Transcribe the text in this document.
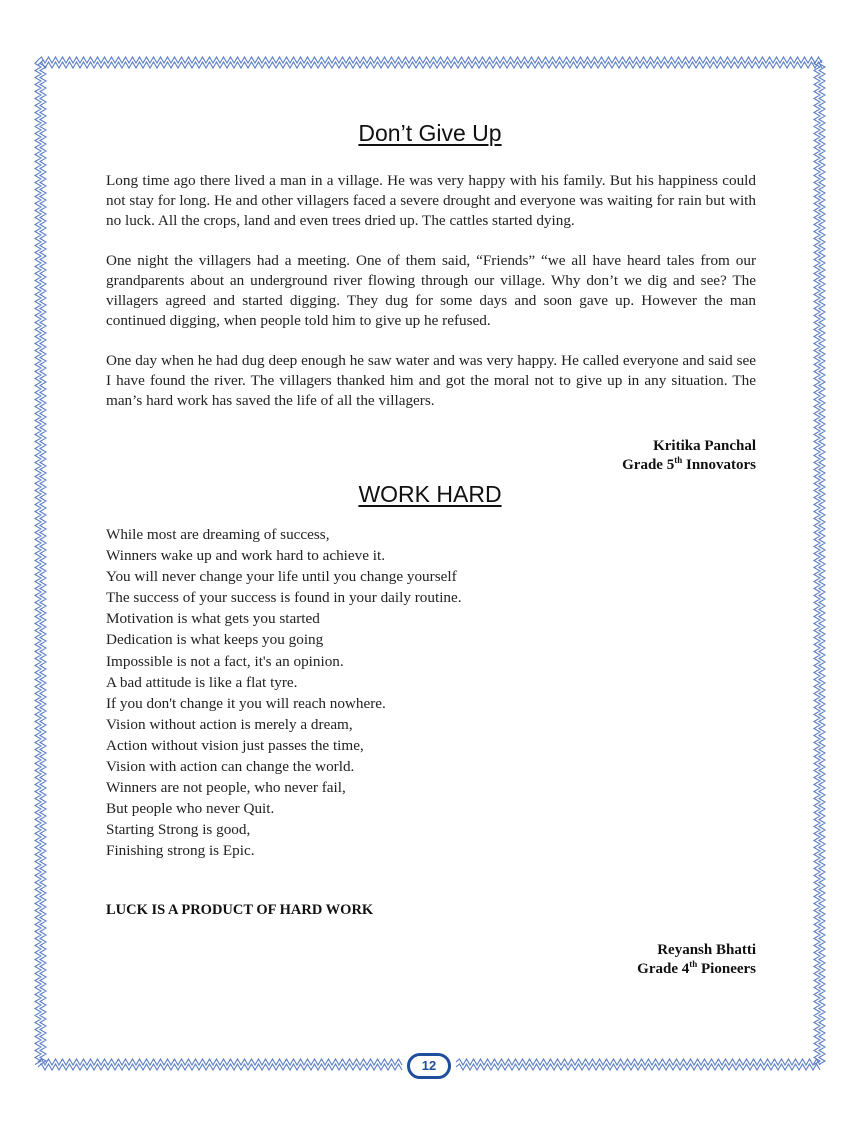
Don’t Give Up

Long time ago there lived a man in a village. He was very happy with his family. But his happiness could not stay for long. He and other villagers faced a severe drought and everyone was waiting for rain but with no luck. All the crops, land and even trees dried up. The cattles started dying.

One night the villagers had a meeting. One of them said, “Friends” “we all have heard tales from our grandparents about an underground river flowing through our village. Why don’t we dig and see? The villagers agreed and started digging. They dug for some days and soon gave up. However the man continued digging, when people told him to give up he refused.

One day when he had dug deep enough he saw water and was very happy. He called everyone and said see I have found the river. The villagers thanked him and got the moral not to give up in any situation. The man’s hard work has saved the life of all the villagers.

Kritika Panchal
Grade 5th Innovators
WORK HARD
While most are dreaming of success,
Winners wake up and work hard to achieve it.
You will never change your life until you change yourself
The success of your success is found in your daily routine.
Motivation is what gets you started
Dedication is what keeps you going
Impossible is not a fact, it's an opinion.
A bad attitude is like a flat tyre.
If you don't change it you will reach nowhere.
Vision without action is merely a dream,
Action without vision just passes the time,
Vision with action can change the world.
Winners are not people, who never fail,
But people who never Quit.
Starting Strong is good,
Finishing strong is Epic.
LUCK IS A PRODUCT OF HARD WORK
Reyansh Bhatti
Grade 4th Pioneers
12
